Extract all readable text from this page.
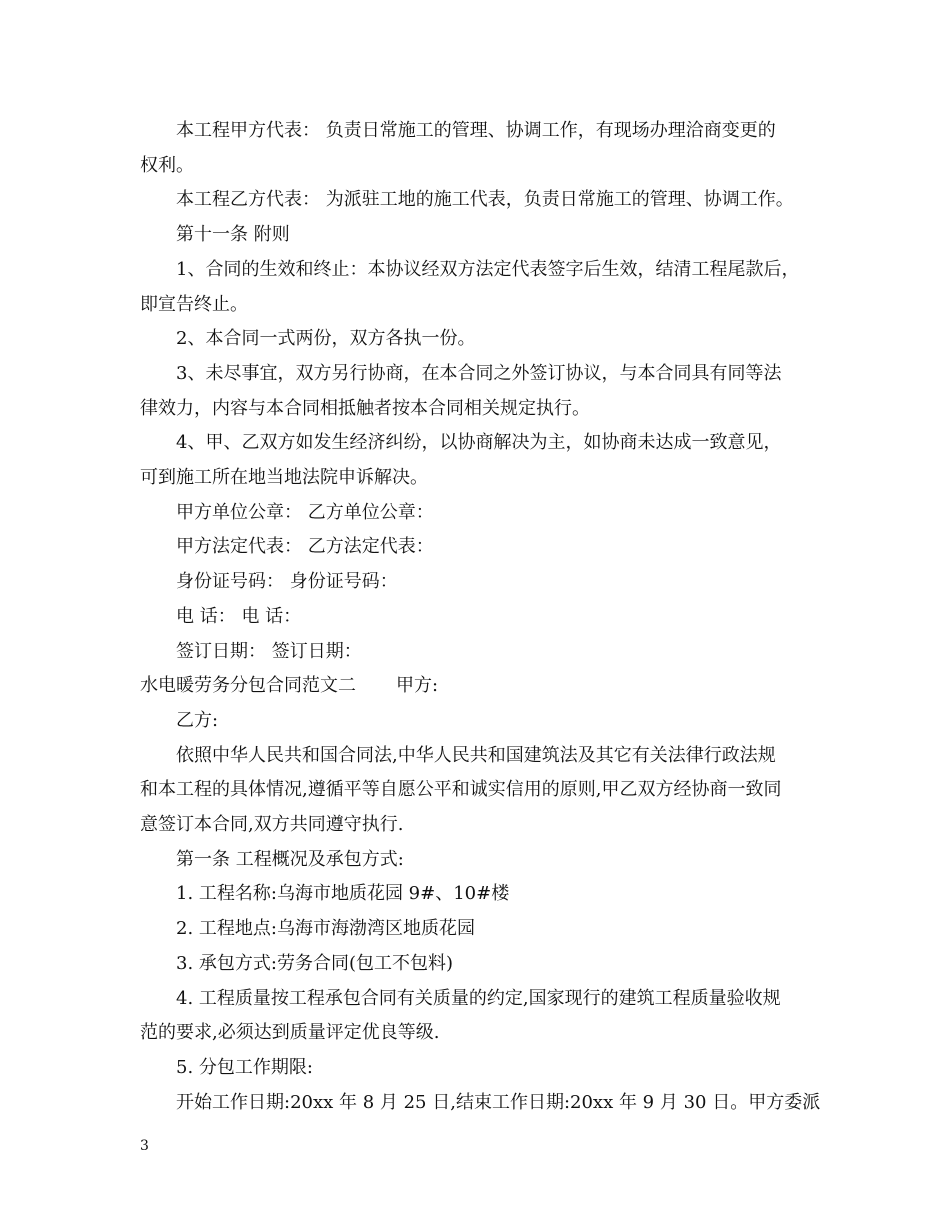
本工程甲方代表： 负责日常施工的管理、协调工作，有现场办理洽商变更的

权利。

本工程乙方代表： 为派驻工地的施工代表，负责日常施工的管理、协调工作。

第十一条 附则

1、合同的生效和终止：本协议经双方法定代表签字后生效，结清工程尾款后，

即宣告终止。

2、本合同一式两份，双方各执一份。

3、未尽事宜，双方另行协商，在本合同之外签订协议，与本合同具有同等法

律效力，内容与本合同相抵触者按本合同相关规定执行。

4、甲、乙双方如发生经济纠纷，以协商解决为主，如协商未达成一致意见，

可到施工所在地当地法院申诉解决。

甲方单位公章： 乙方单位公章：

甲方法定代表： 乙方法定代表：

身份证号码： 身份证号码：

电 话： 电 话：

签订日期： 签订日期：

水电暖劳务分包合同范文二 甲方:

乙方:

依照中华人民共和国合同法,中华人民共和国建筑法及其它有关法律行政法规

和本工程的具体情况,遵循平等自愿公平和诚实信用的原则,甲乙双方经协商一致同

意签订本合同,双方共同遵守执行.

第一条 工程概况及承包方式:

1. 工程名称:乌海市地质花园 9#、10#楼

2. 工程地点:乌海市海渤湾区地质花园

3. 承包方式:劳务合同(包工不包料)

4. 工程质量按工程承包合同有关质量的约定,国家现行的建筑工程质量验收规

范的要求,必须达到质量评定优良等级.

5. 分包工作期限:

开始工作日期:20xx 年 8 月 25 日,结束工作日期:20xx 年 9 月 30 日。甲方委派

3
